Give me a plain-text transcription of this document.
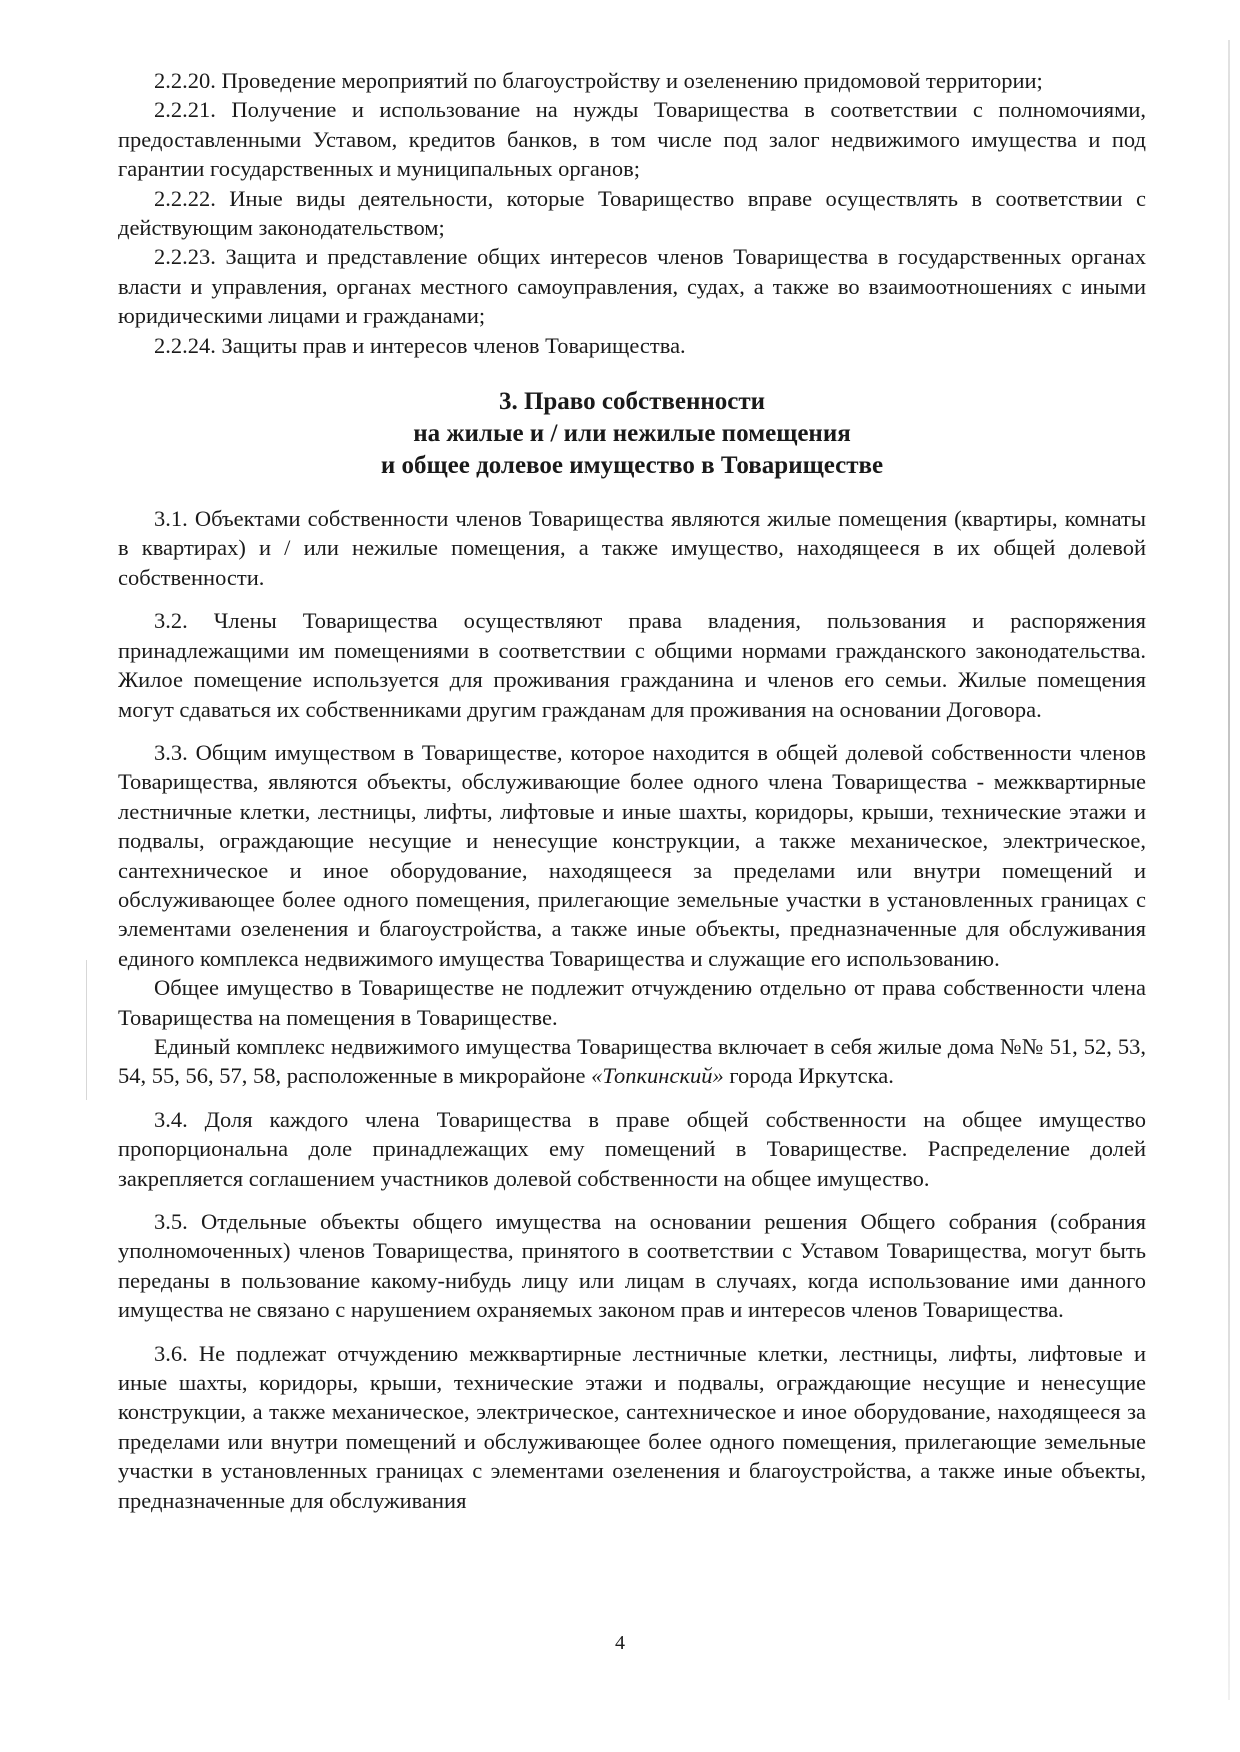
2.2.20. Проведение мероприятий по благоустройству и озеленению придомовой территории;

2.2.21. Получение и использование на нужды Товарищества в соответствии с полномочиями, предоставленными Уставом, кредитов банков, в том числе под залог недвижимого имущества и под гарантии государственных и муниципальных органов;

2.2.22. Иные виды деятельности, которые Товарищество вправе осуществлять в соответствии с действующим законодательством;

2.2.23. Защита и представление общих интересов членов Товарищества в государственных органах власти и управления, органах местного самоуправления, судах, а также во взаимоотношениях с иными юридическими лицами и гражданами;

2.2.24. Защиты прав и интересов членов Товарищества.

3. Право собственности
на жилые и / или нежилые помещения
и общее долевое имущество в Товариществе

3.1. Объектами собственности членов Товарищества являются жилые помещения (квартиры, комнаты в квартирах) и / или нежилые помещения, а также имущество, находящееся в их общей долевой собственности.

3.2. Члены Товарищества осуществляют права владения, пользования и распоряжения принадлежащими им помещениями в соответствии с общими нормами гражданского законодательства. Жилое помещение используется для проживания гражданина и членов его семьи. Жилые помещения могут сдаваться их собственниками другим гражданам для проживания на основании Договора.

3.3. Общим имуществом в Товариществе, которое находится в общей долевой собственности членов Товарищества, являются объекты, обслуживающие более одного члена Товарищества - межквартирные лестничные клетки, лестницы, лифты, лифтовые и иные шахты, коридоры, крыши, технические этажи и подвалы, ограждающие несущие и ненесущие конструкции, а также механическое, электрическое, сантехническое и иное оборудование, находящееся за пределами или внутри помещений и обслуживающее более одного помещения, прилегающие земельные участки в установленных границах с элементами озеленения и благоустройства, а также иные объекты, предназначенные для обслуживания единого комплекса недвижимого имущества Товарищества и служащие его использованию.

Общее имущество в Товариществе не подлежит отчуждению отдельно от права собственности члена Товарищества на помещения в Товариществе.

Единый комплекс недвижимого имущества Товарищества включает в себя жилые дома №№ 51, 52, 53, 54, 55, 56, 57, 58, расположенные в микрорайоне «Топкинский» города Иркутска.

3.4. Доля каждого члена Товарищества в праве общей собственности на общее имущество пропорциональна доле принадлежащих ему помещений в Товариществе. Распределение долей закрепляется соглашением участников долевой собственности на общее имущество.

3.5. Отдельные объекты общего имущества на основании решения Общего собрания (собрания уполномоченных) членов Товарищества, принятого в соответствии с Уставом Товарищества, могут быть переданы в пользование какому-нибудь лицу или лицам в случаях, когда использование ими данного имущества не связано с нарушением охраняемых законом прав и интересов членов Товарищества.

3.6. Не подлежат отчуждению межквартирные лестничные клетки, лестницы, лифты, лифтовые и иные шахты, коридоры, крыши, технические этажи и подвалы, ограждающие несущие и ненесущие конструкции, а также механическое, электрическое, сантехническое и иное оборудование, находящееся за пределами или внутри помещений и обслуживающее более одного помещения, прилегающие земельные участки в установленных границах с элементами озеленения и благоустройства, а также иные объекты, предназначенные для обслуживания

4
